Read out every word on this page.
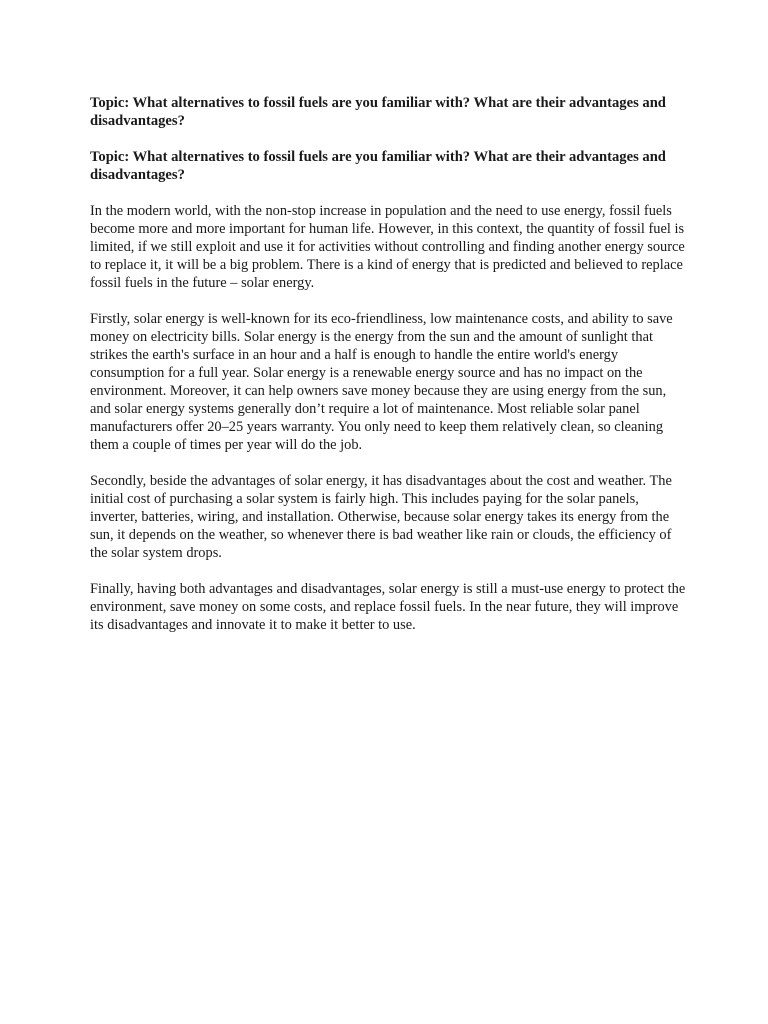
Topic: What alternatives to fossil fuels are you familiar with? What are their advantages and disadvantages?

Topic: What alternatives to fossil fuels are you familiar with? What are their advantages and disadvantages?

In the modern world, with the non-stop increase in population and the need to use energy, fossil fuels become more and more important for human life. However, in this context, the quantity of fossil fuel is limited, if we still exploit and use it for activities without controlling and finding another energy source to replace it, it will be a big problem. There is a kind of energy that is predicted and believed to replace fossil fuels in the future – solar energy.

Firstly, solar energy is well-known for its eco-friendliness, low maintenance costs, and ability to save money on electricity bills. Solar energy is the energy from the sun and the amount of sunlight that strikes the earth's surface in an hour and a half is enough to handle the entire world's energy consumption for a full year. Solar energy is a renewable energy source and has no impact on the environment. Moreover, it can help owners save money because they are using energy from the sun, and solar energy systems generally don’t require a lot of maintenance. Most reliable solar panel manufacturers offer 20–25 years warranty. You only need to keep them relatively clean, so cleaning them a couple of times per year will do the job.

Secondly, beside the advantages of solar energy, it has disadvantages about the cost and weather. The initial cost of purchasing a solar system is fairly high. This includes paying for the solar panels, inverter, batteries, wiring, and installation. Otherwise, because solar energy takes its energy from the sun, it depends on the weather, so whenever there is bad weather like rain or clouds, the efficiency of the solar system drops.

Finally, having both advantages and disadvantages, solar energy is still a must-use energy to protect the environment, save money on some costs, and replace fossil fuels. In the near future, they will improve its disadvantages and innovate it to make it better to use.
